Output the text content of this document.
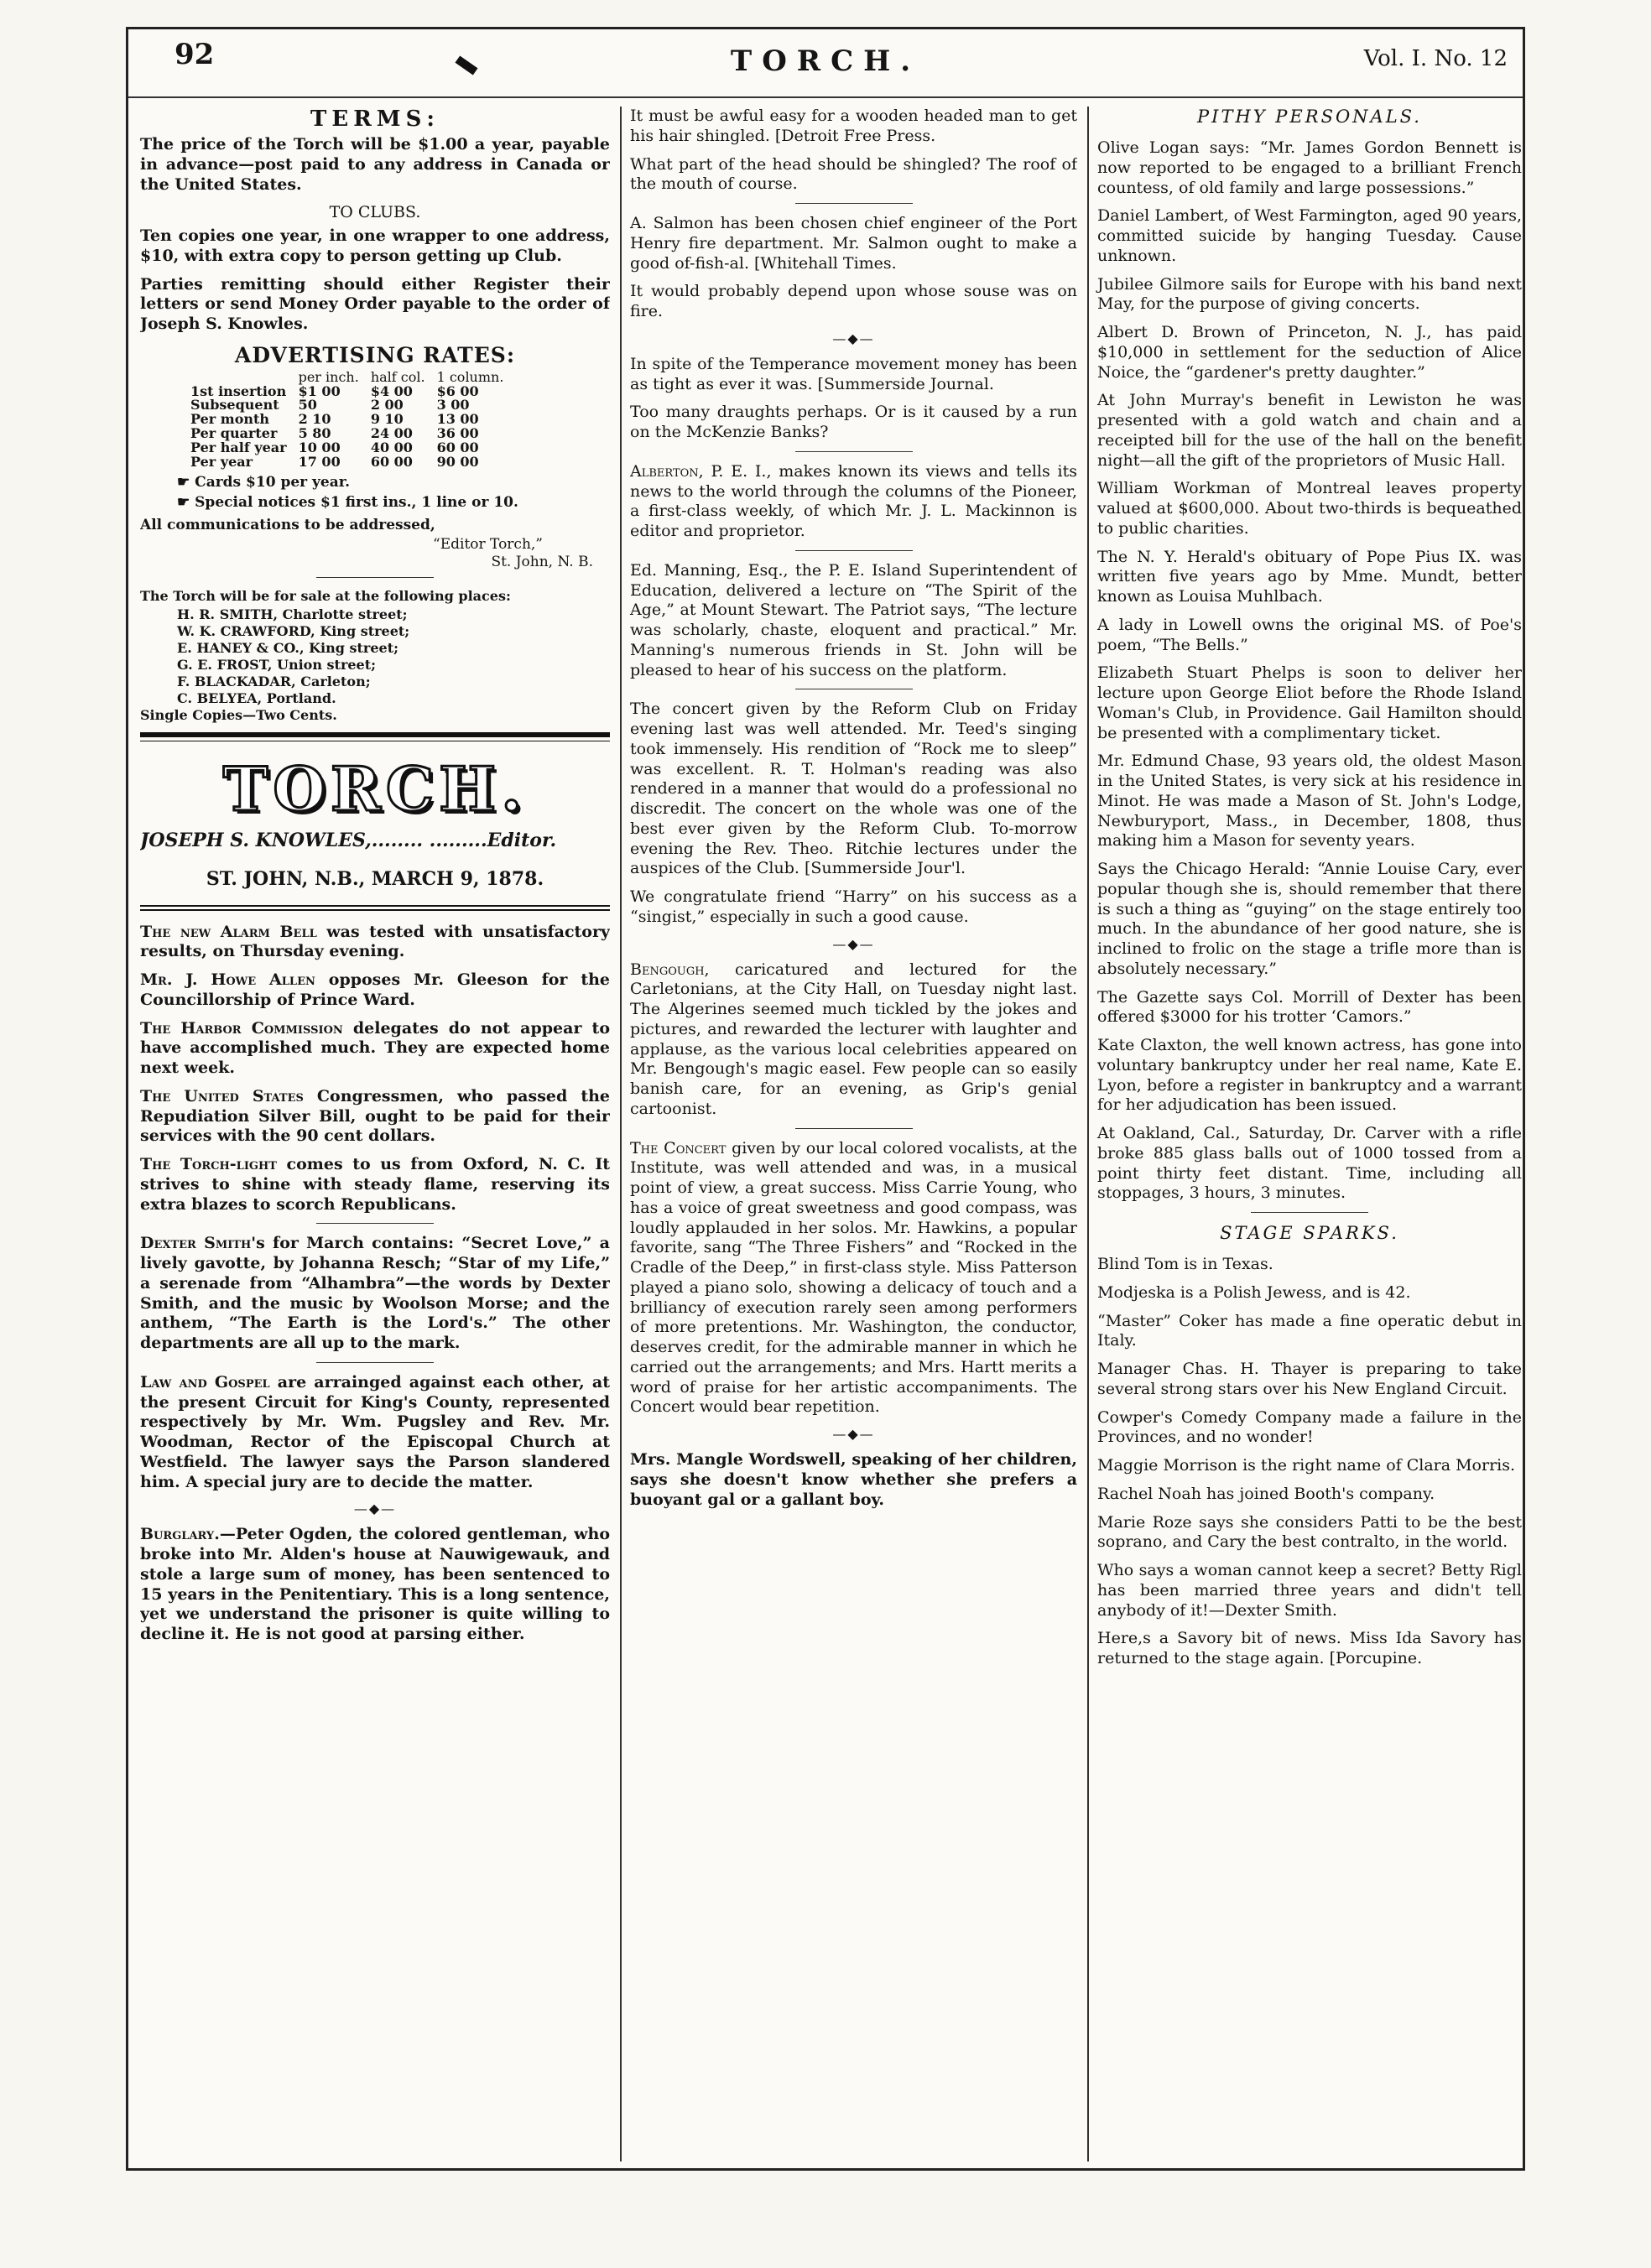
92	TORCH.	Vol. I. No. 12
TERMS:

The price of the Torch will be $1.00 a year, payable in advance—post paid to any address in Canada or the United States.

TO CLUBS.

Ten copies one year, in one wrapper to one address, $10, with extra copy to person getting up Club.

Parties remitting should either Register their letters or send Money Order payable to the order of Joseph S. Knowles.

ADVERTISING RATES:
	per inch.	half col.	1 column.
1st insertion	$1 00	$4 00	$6 00
Subsequent	50	2 00	3 00
Per month	2 10	9 10	13 00
Per quarter	5 80	24 00	36 00
Per half year	10 00	40 00	60 00
Per year	17 00	60 00	90 00

☛ Cards $10 per year.

☛ Special notices $1 first ins., 1 line or 10.

All communications to be addressed,

“Editor Torch,”

St. John, N. B.

The Torch will be for sale at the following places:

H. R. SMITH, Charlotte street;
W. K. CRAWFORD, King street;
E. HANEY & CO., King street;
G. E. FROST, Union street;
F. BLACKADAR, Carleton;
C. BELYEA, Portland.

Single Copies—Two Cents.

TORCH.
JOSEPH S. KNOWLES,........ .........Editor.
ST. JOHN, N.B., MARCH 9, 1878.

The new Alarm Bell was tested with unsatisfactory results, on Thursday evening.

Mr. J. Howe Allen opposes Mr. Gleeson for the Councillorship of Prince Ward.

The Harbor Commission delegates do not appear to have accomplished much. They are expected home next week.

The United States Congressmen, who passed the Repudiation Silver Bill, ought to be paid for their services with the 90 cent dollars.

The Torch-light comes to us from Oxford, N. C. It strives to shine with steady flame, reserving its extra blazes to scorch Republicans.

Dexter Smith's for March contains: “Secret Love,” a lively gavotte, by Johanna Resch; “Star of my Life,” a serenade from “Alhambra”—the words by Dexter Smith, and the music by Woolson Morse; and the anthem, “The Earth is the Lord's.” The other departments are all up to the mark.

Law and Gospel are arrainged against each other, at the present Circuit for King's County, represented respectively by Mr. Wm. Pugsley and Rev. Mr. Woodman, Rector of the Episcopal Church at Westfield. The lawyer says the Parson slandered him. A special jury are to decide the matter.

—◆—

Burglary.—Peter Ogden, the colored gentleman, who broke into Mr. Alden's house at Nauwigewauk, and stole a large sum of money, has been sentenced to 15 years in the Penitentiary. This is a long sentence, yet we understand the prisoner is quite willing to decline it. He is not good at parsing either.

It must be awful easy for a wooden headed man to get his hair shingled. [Detroit Free Press.

What part of the head should be shingled? The roof of the mouth of course.

A. Salmon has been chosen chief engineer of the Port Henry fire department. Mr. Salmon ought to make a good of-fish-al. [Whitehall Times.

It would probably depend upon whose souse was on fire.

—◆—

In spite of the Temperance movement money has been as tight as ever it was. [Summerside Journal.

Too many draughts perhaps. Or is it caused by a run on the McKenzie Banks?

Alberton, P. E. I., makes known its views and tells its news to the world through the columns of the Pioneer, a first-class weekly, of which Mr. J. L. Mackinnon is editor and proprietor.

Ed. Manning, Esq., the P. E. Island Superintendent of Education, delivered a lecture on “The Spirit of the Age,” at Mount Stewart. The Patriot says, “The lecture was scholarly, chaste, eloquent and practical.” Mr. Manning's numerous friends in St. John will be pleased to hear of his success on the platform.

The concert given by the Reform Club on Friday evening last was well attended. Mr. Teed's singing took immensely. His rendition of “Rock me to sleep” was excellent. R. T. Holman's reading was also rendered in a manner that would do a professional no discredit. The concert on the whole was one of the best ever given by the Reform Club. To-morrow evening the Rev. Theo. Ritchie lectures under the auspices of the Club. [Summerside Jour'l.

We congratulate friend “Harry” on his success as a “singist,” especially in such a good cause.

—◆—

Bengough, caricatured and lectured for the Carletonians, at the City Hall, on Tuesday night last. The Algerines seemed much tickled by the jokes and pictures, and rewarded the lecturer with laughter and applause, as the various local celebrities appeared on Mr. Bengough's magic easel. Few people can so easily banish care, for an evening, as Grip's genial cartoonist.

The Concert given by our local colored vocalists, at the Institute, was well attended and was, in a musical point of view, a great success. Miss Carrie Young, who has a voice of great sweetness and good compass, was loudly applauded in her solos. Mr. Hawkins, a popular favorite, sang “The Three Fishers” and “Rocked in the Cradle of the Deep,” in first-class style. Miss Patterson played a piano solo, showing a delicacy of touch and a brilliancy of execution rarely seen among performers of more pretentions. Mr. Washington, the conductor, deserves credit, for the admirable manner in which he carried out the arrangements; and Mrs. Hartt merits a word of praise for her artistic accompaniments. The Concert would bear repetition.

—◆—

Mrs. Mangle Wordswell, speaking of her children, says she doesn't know whether she prefers a buoyant gal or a gallant boy.

PITHY PERSONALS.

Olive Logan says: “Mr. James Gordon Bennett is now reported to be engaged to a brilliant French countess, of old family and large possessions.”

Daniel Lambert, of West Farmington, aged 90 years, committed suicide by hanging Tuesday. Cause unknown.

Jubilee Gilmore sails for Europe with his band next May, for the purpose of giving concerts.

Albert D. Brown of Princeton, N. J., has paid $10,000 in settlement for the seduction of Alice Noice, the “gardener's pretty daughter.”

At John Murray's benefit in Lewiston he was presented with a gold watch and chain and a receipted bill for the use of the hall on the benefit night—all the gift of the proprietors of Music Hall.

William Workman of Montreal leaves property valued at $600,000. About two-thirds is bequeathed to public charities.

The N. Y. Herald's obituary of Pope Pius IX. was written five years ago by Mme. Mundt, better known as Louisa Muhlbach.

A lady in Lowell owns the original MS. of Poe's poem, “The Bells.”

Elizabeth Stuart Phelps is soon to deliver her lecture upon George Eliot before the Rhode Island Woman's Club, in Providence. Gail Hamilton should be presented with a complimentary ticket.

Mr. Edmund Chase, 93 years old, the oldest Mason in the United States, is very sick at his residence in Minot. He was made a Mason of St. John's Lodge, Newburyport, Mass., in December, 1808, thus making him a Mason for seventy years.

Says the Chicago Herald: “Annie Louise Cary, ever popular though she is, should remember that there is such a thing as “guying” on the stage entirely too much. In the abundance of her good nature, she is inclined to frolic on the stage a trifle more than is absolutely necessary.”

The Gazette says Col. Morrill of Dexter has been offered $3000 for his trotter ‘Camors.”

Kate Claxton, the well known actress, has gone into voluntary bankruptcy under her real name, Kate E. Lyon, before a register in bankruptcy and a warrant for her adjudication has been issued.

At Oakland, Cal., Saturday, Dr. Carver with a rifle broke 885 glass balls out of 1000 tossed from a point thirty feet distant. Time, including all stoppages, 3 hours, 3 minutes.

STAGE SPARKS.

Blind Tom is in Texas.

Modjeska is a Polish Jewess, and is 42.

“Master” Coker has made a fine operatic debut in Italy.

Manager Chas. H. Thayer is preparing to take several strong stars over his New England Circuit.

Cowper's Comedy Company made a failure in the Provinces, and no wonder!

Maggie Morrison is the right name of Clara Morris.

Rachel Noah has joined Booth's company.

Marie Roze says she considers Patti to be the best soprano, and Cary the best contralto, in the world.

Who says a woman cannot keep a secret? Betty Rigl has been married three years and didn't tell anybody of it!—Dexter Smith.

Here,s a Savory bit of news. Miss Ida Savory has returned to the stage again. [Porcupine.
